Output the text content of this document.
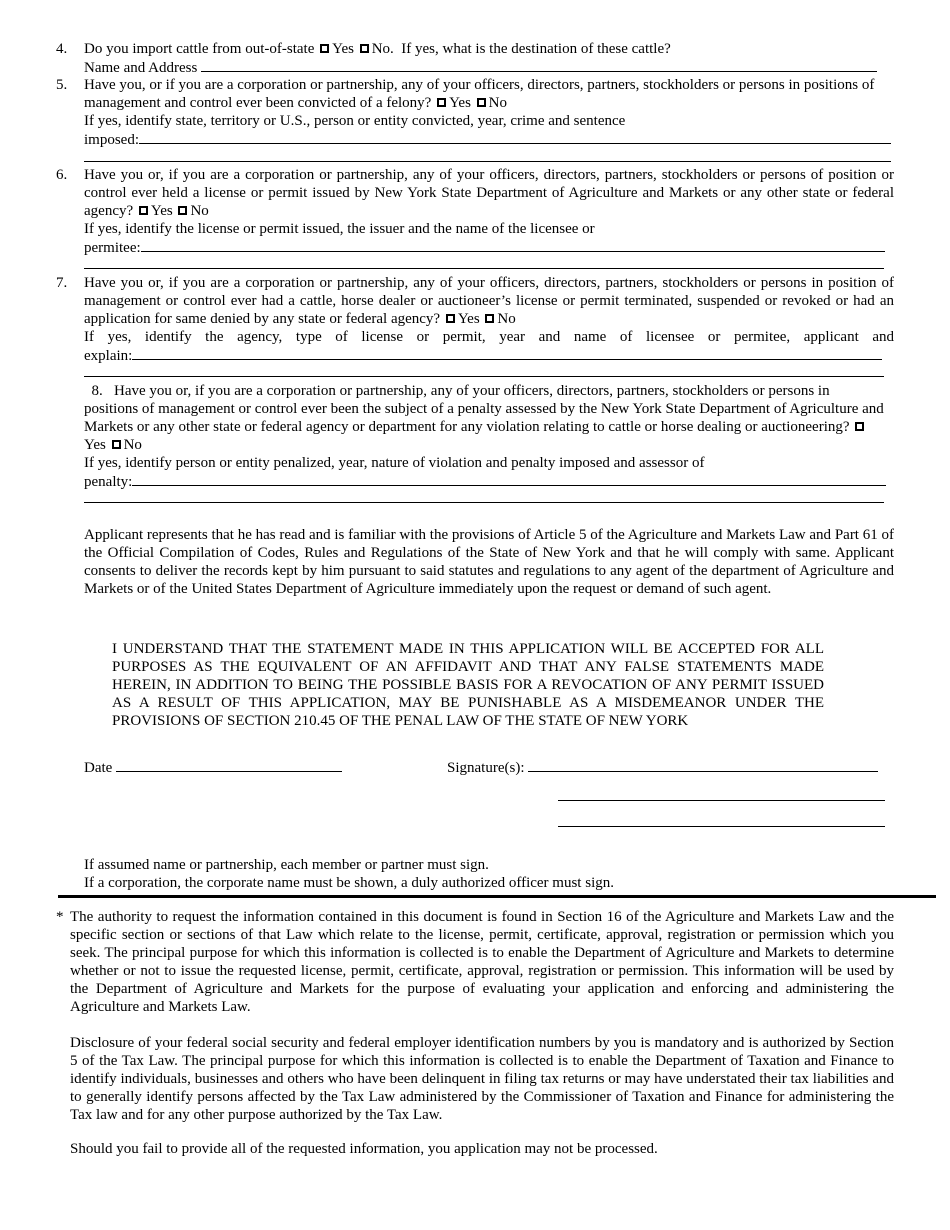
4. Do you import cattle from out-of-state Yes No. If yes, what is the destination of these cattle?
Name and Address
5. Have you, or if you are a corporation or partnership, any of your officers, directors, partners, stockholders or persons in positions of management and control ever been convicted of a felony? Yes No
If yes, identify state, territory or U.S., person or entity convicted, year, crime and sentence
imposed:
6. Have you or, if you are a corporation or partnership, any of your officers, directors, partners, stockholders or persons of position or control ever held a license or permit issued by New York State Department of Agriculture and Markets or any other state or federal agency? Yes No
If yes, identify the license or permit issued, the issuer and the name of the licensee or
permitee:
7. Have you or, if you are a corporation or partnership, any of your officers, directors, partners, stockholders or persons in position of management or control ever had a cattle, horse dealer or auctioneer’s license or permit terminated, suspended or revoked or had an application for same denied by any state or federal agency? Yes No
If yes, identify the agency, type of license or permit, year and name of licensee or permitee, applicant and
explain:
8. Have you or, if you are a corporation or partnership, any of your officers, directors, partners, stockholders or persons in positions of management or control ever been the subject of a penalty assessed by the New York State Department of Agriculture and Markets or any other state or federal agency or department for any violation relating to cattle or horse dealing or auctioneering? Yes No
If yes, identify person or entity penalized, year, nature of violation and penalty imposed and assessor of
penalty:
Applicant represents that he has read and is familiar with the provisions of Article 5 of the Agriculture and Markets Law and Part 61 of the Official Compilation of Codes, Rules and Regulations of the State of New York and that he will comply with same. Applicant consents to deliver the records kept by him pursuant to said statutes and regulations to any agent of the department of Agriculture and Markets or of the United States Department of Agriculture immediately upon the request or demand of such agent.
I UNDERSTAND THAT THE STATEMENT MADE IN THIS APPLICATION WILL BE ACCEPTED FOR ALL PURPOSES AS THE EQUIVALENT OF AN AFFIDAVIT AND THAT ANY FALSE STATEMENTS MADE HEREIN, IN ADDITION TO BEING THE POSSIBLE BASIS FOR A REVOCATION OF ANY PERMIT ISSUED AS A RESULT OF THIS APPLICATION, MAY BE PUNISHABLE AS A MISDEMEANOR UNDER THE PROVISIONS OF SECTION 210.45 OF THE PENAL LAW OF THE STATE OF NEW YORK
Date	Signature(s):
If assumed name or partnership, each member or partner must sign.
If a corporation, the corporate name must be shown, a duly authorized officer must sign.
* The authority to request the information contained in this document is found in Section 16 of the Agriculture and Markets Law and the specific section or sections of that Law which relate to the license, permit, certificate, approval, registration or permission which you seek. The principal purpose for which this information is collected is to enable the Department of Agriculture and Markets to determine whether or not to issue the requested license, permit, certificate, approval, registration or permission. This information will be used by the Department of Agriculture and Markets for the purpose of evaluating your application and enforcing and administering the Agriculture and Markets Law.
Disclosure of your federal social security and federal employer identification numbers by you is mandatory and is authorized by Section 5 of the Tax Law. The principal purpose for which this information is collected is to enable the Department of Taxation and Finance to identify individuals, businesses and others who have been delinquent in filing tax returns or may have understated their tax liabilities and to generally identify persons affected by the Tax Law administered by the Commissioner of Taxation and Finance for administering the Tax law and for any other purpose authorized by the Tax Law.
Should you fail to provide all of the requested information, you application may not be processed.
